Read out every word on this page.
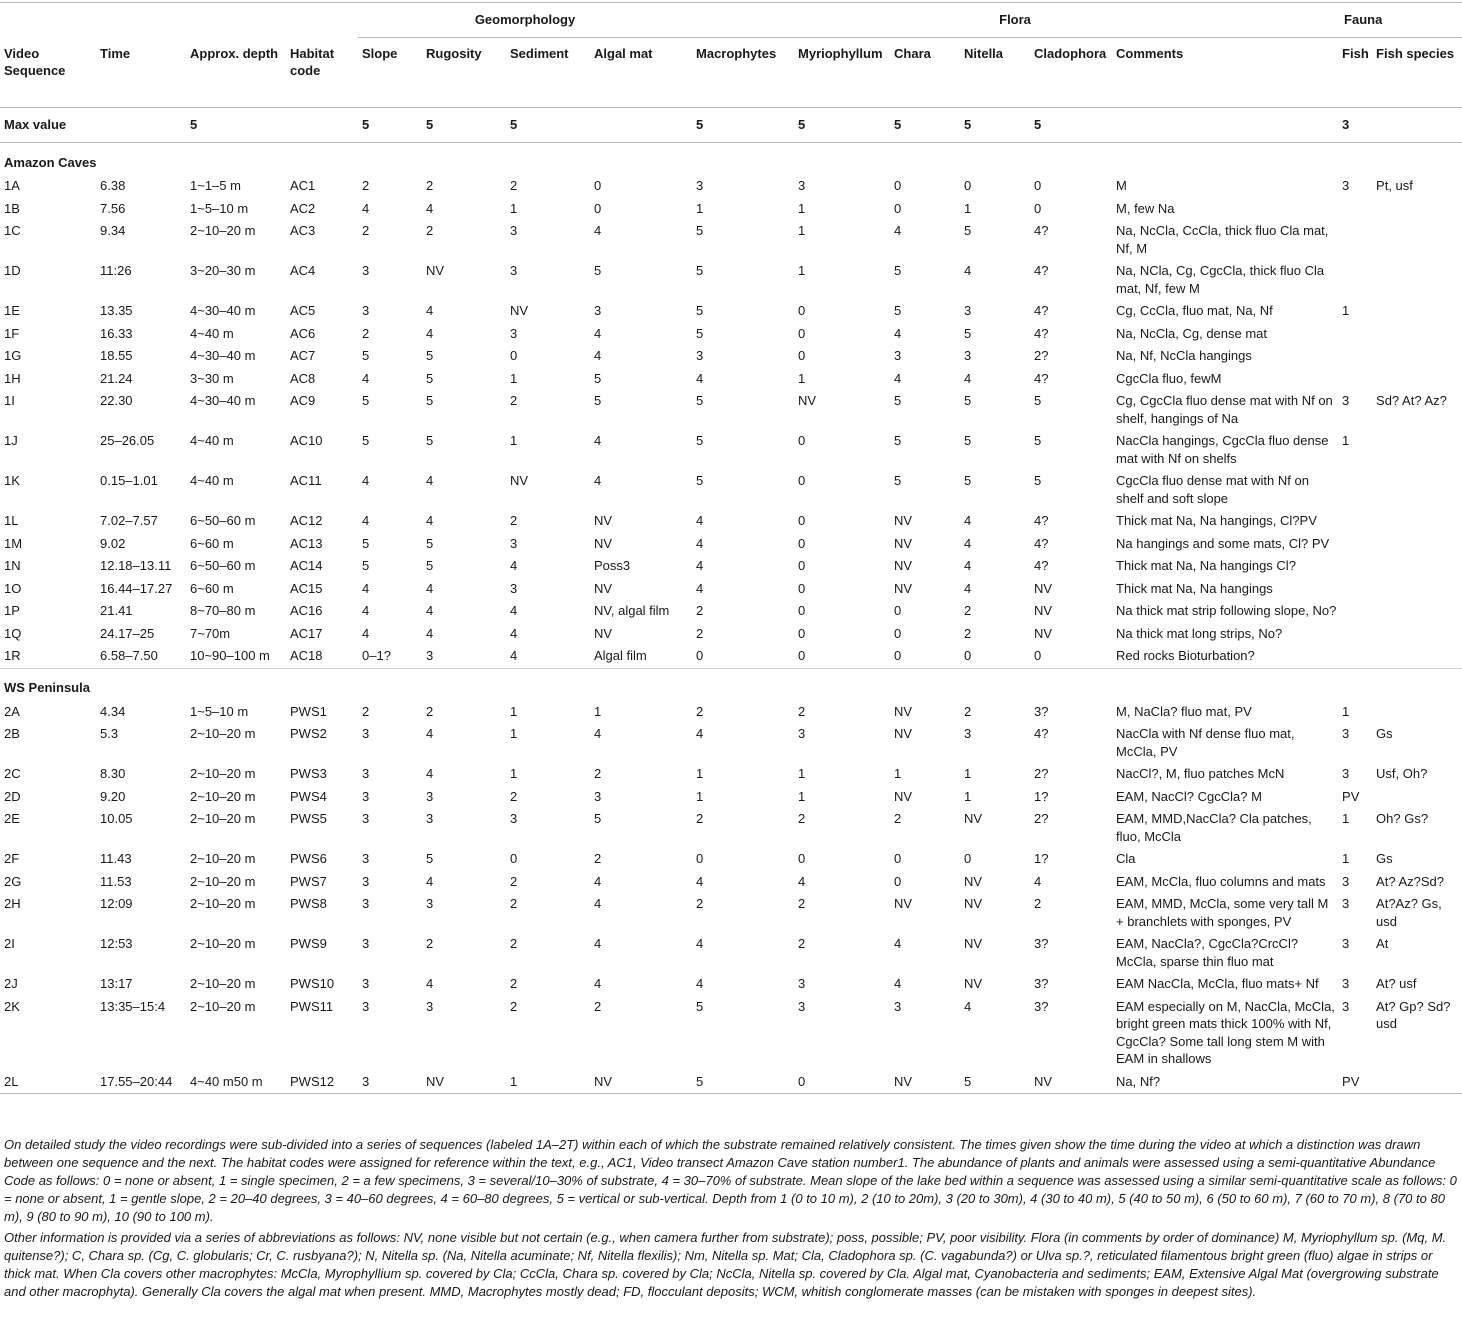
				Geomorphology				Flora						Fauna	
Video Sequence	Time	Approx. depth	Habitat code	Slope	Rugosity	Sediment	Algal mat	Macrophytes	Myriophyllum	Chara	Nitella	Cladophora	Comments	Fish	Fish species
Max value		5		5	5	5		5	5	5	5	5		3	
Amazon Caves															
1A	6.38	1~1–5 m	AC1	2	2	2	0	3	3	0	0	0	M	3	Pt, usf
1B	7.56	1~5–10 m	AC2	4	4	1	0	1	1	0	1	0	M, few Na		
1C	9.34	2~10–20 m	AC3	2	2	3	4	5	1	4	5	4?	Na, NcCla, CcCla, thick fluo Cla mat, Nf, M		
1D	11:26	3~20–30 m	AC4	3	NV	3	5	5	1	5	4	4?	Na, NCla, Cg, CgcCla, thick fluo Cla mat, Nf, few M		
1E	13.35	4~30–40 m	AC5	3	4	NV	3	5	0	5	3	4?	Cg, CcCla, fluo mat, Na, Nf	1	
1F	16.33	4~40 m	AC6	2	4	3	4	5	0	4	5	4?	Na, NcCla, Cg, dense mat		
1G	18.55	4~30–40 m	AC7	5	5	0	4	3	0	3	3	2?	Na, Nf, NcCla hangings		
1H	21.24	3~30 m	AC8	4	5	1	5	4	1	4	4	4?	CgcCla fluo, fewM		
1I	22.30	4~30–40 m	AC9	5	5	2	5	5	NV	5	5	5	Cg, CgcCla fluo dense mat with Nf on shelf, hangings of Na	3	Sd? At? Az?
1J	25–26.05	4~40 m	AC10	5	5	1	4	5	0	5	5	5	NacCla hangings, CgcCla fluo dense mat with Nf on shelfs	1	
1K	0.15–1.01	4~40 m	AC11	4	4	NV	4	5	0	5	5	5	CgcCla fluo dense mat with Nf on shelf and soft slope		
1L	7.02–7.57	6~50–60 m	AC12	4	4	2	NV	4	0	NV	4	4?	Thick mat Na, Na hangings, Cl?PV		
1M	9.02	6~60 m	AC13	5	5	3	NV	4	0	NV	4	4?	Na hangings and some mats, Cl? PV		
1N	12.18–13.11	6~50–60 m	AC14	5	5	4	Poss3	4	0	NV	4	4?	Thick mat Na, Na hangings Cl?		
1O	16.44–17.27	6~60 m	AC15	4	4	3	NV	4	0	NV	4	NV	Thick mat Na, Na hangings		
1P	21.41	8~70–80 m	AC16	4	4	4	NV, algal film	2	0	0	2	NV	Na thick mat strip following slope, No?		
1Q	24.17–25	7~70m	AC17	4	4	4	NV	2	0	0	2	NV	Na thick mat long strips, No?		
1R	6.58–7.50	10~90–100 m	AC18	0–1?	3	4	Algal film	0	0	0	0	0	Red rocks Bioturbation?		
WS Peninsula															
2A	4.34	1~5–10 m	PWS1	2	2	1	1	2	2	NV	2	3?	M, NaCla? fluo mat, PV	1	
2B	5.3	2~10–20 m	PWS2	3	4	1	4	4	3	NV	3	4?	NacCla with Nf dense fluo mat, McCla, PV	3	Gs
2C	8.30	2~10–20 m	PWS3	3	4	1	2	1	1	1	1	2?	NacCl?, M, fluo patches McN	3	Usf, Oh?
2D	9.20	2~10–20 m	PWS4	3	3	2	3	1	1	NV	1	1?	EAM, NacCl? CgcCla? M	PV	
2E	10.05	2~10–20 m	PWS5	3	3	3	5	2	2	2	NV	2?	EAM, MMD,NacCla? Cla patches, fluo, McCla	1	Oh? Gs?
2F	11.43	2~10–20 m	PWS6	3	5	0	2	0	0	0	0	1?	Cla	1	Gs
2G	11.53	2~10–20 m	PWS7	3	4	2	4	4	4	0	NV	4	EAM, McCla, fluo columns and mats	3	At? Az?Sd?
2H	12:09	2~10–20 m	PWS8	3	3	2	4	2	2	NV	NV	2	EAM, MMD, McCla, some very tall M + branchlets with sponges, PV	3	At?Az? Gs, usd
2I	12:53	2~10–20 m	PWS9	3	2	2	4	4	2	4	NV	3?	EAM, NacCla?, CgcCla?CrcCl?McCla, sparse thin fluo mat	3	At
2J	13:17	2~10–20 m	PWS10	3	4	2	4	4	3	4	NV	3?	EAM NacCla, McCla, fluo mats+ Nf	3	At? usf
2K	13:35–15:4	2~10–20 m	PWS11	3	3	2	2	5	3	3	4	3?	EAM especially on M, NacCla, McCla, bright green mats thick 100% with Nf, CgcCla? Some tall long stem M with EAM in shallows	3	At? Gp? Sd? usd
2L	17.55–20:44	4~40 m50 m	PWS12	3	NV	1	NV	5	0	NV	5	NV	Na, Nf?	PV	

On detailed study the video recordings were sub-divided into a series of sequences (labeled 1A–2T) within each of which the substrate remained relatively consistent. The times given show the time during the video at which a distinction was drawn between one sequence and the next. The habitat codes were assigned for reference within the text, e.g., AC1, Video transect Amazon Cave station number1. The abundance of plants and animals were assessed using a semi-quantitative Abundance Code as follows: 0 = none or absent, 1 = single specimen, 2 = a few specimens, 3 = several/10–30% of substrate, 4 = 30–70% of substrate. Mean slope of the lake bed within a sequence was assessed using a similar semi-quantitative scale as follows: 0 = none or absent, 1 = gentle slope, 2 = 20–40 degrees, 3 = 40–60 degrees, 4 = 60–80 degrees, 5 = vertical or sub-vertical. Depth from 1 (0 to 10 m), 2 (10 to 20m), 3 (20 to 30m), 4 (30 to 40 m), 5 (40 to 50 m), 6 (50 to 60 m), 7 (60 to 70 m), 8 (70 to 80 m), 9 (80 to 90 m), 10 (90 to 100 m).

Other information is provided via a series of abbreviations as follows: NV, none visible but not certain (e.g., when camera further from substrate); poss, possible; PV, poor visibility. Flora (in comments by order of dominance) M, Myriophyllum sp. (Mq, M. quitense?); C, Chara sp. (Cg, C. globularis; Cr, C. rusbyana?); N, Nitella sp. (Na, Nitella acuminate; Nf, Nitella flexilis); Nm, Nitella sp. Mat; Cla, Cladophora sp. (C. vagabunda?) or Ulva sp.?, reticulated filamentous bright green (fluo) algae in strips or thick mat. When Cla covers other macrophytes: McCla, Myrophyllium sp. covered by Cla; CcCla, Chara sp. covered by Cla; NcCla, Nitella sp. covered by Cla. Algal mat, Cyanobacteria and sediments; EAM, Extensive Algal Mat (overgrowing substrate and other macrophyta). Generally Cla covers the algal mat when present. MMD, Macrophytes mostly dead; FD, flocculant deposits; WCM, whitish conglomerate masses (can be mistaken with sponges in deepest sites).
